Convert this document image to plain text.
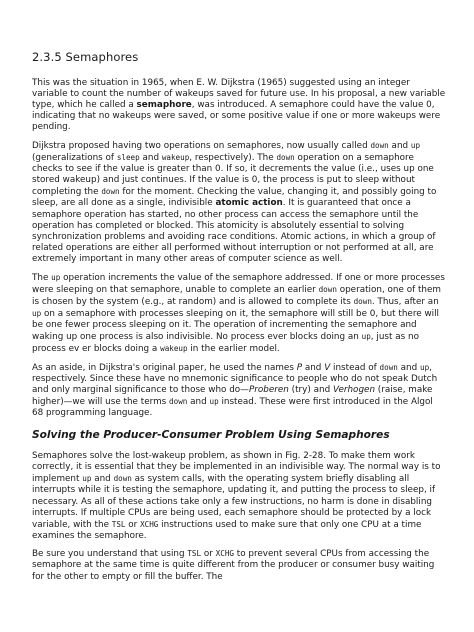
2.3.5 Semaphores

This was the situation in 1965, when E. W. Dijkstra (1965) suggested using an integer variable to count the number of wakeups saved for future use. In his proposal, a new variable type, which he called a semaphore, was introduced. A semaphore could have the value 0, indicating that no wakeups were saved, or some positive value if one or more wakeups were pending.

Dijkstra proposed having two operations on semaphores, now usually called down and up (generalizations of sleep and wakeup, respectively). The down operation on a semaphore checks to see if the value is greater than 0. If so, it decrements the value (i.e., uses up one stored wakeup) and just continues. If the value is 0, the process is put to sleep without completing the down for the moment. Checking the value, changing it, and possibly going to sleep, are all done as a single, indivisible atomic action. It is guaranteed that once a semaphore operation has started, no other process can access the semaphore until the operation has completed or blocked. This atomicity is absolutely essential to solving synchronization problems and avoiding race conditions. Atomic actions, in which a group of related operations are either all performed without interruption or not performed at all, are extremely important in many other areas of computer science as well.

The up operation increments the value of the semaphore addressed. If one or more processes were sleeping on that semaphore, unable to complete an earlier down operation, one of them is chosen by the system (e.g., at random) and is allowed to complete its down. Thus, after an up on a semaphore with processes sleeping on it, the semaphore will still be 0, but there will be one fewer process sleeping on it. The operation of incrementing the semaphore and waking up one process is also indivisible. No process ever blocks doing an up, just as no process ev er blocks doing a wakeup in the earlier model.

As an aside, in Dijkstra's original paper, he used the names P and V instead of down and up, respectively. Since these have no mnemonic significance to people who do not speak Dutch and only marginal significance to those who do—Proberen (try) and Verhogen (raise, make higher)—we will use the terms down and up instead. These were first introduced in the Algol 68 programming language.

Solving the Producer-Consumer Problem Using Semaphores

Semaphores solve the lost-wakeup problem, as shown in Fig. 2-28. To make them work correctly, it is essential that they be implemented in an indivisible way. The normal way is to implement up and down as system calls, with the operating system briefly disabling all interrupts while it is testing the semaphore, updating it, and putting the process to sleep, if necessary. As all of these actions take only a few instructions, no harm is done in disabling interrupts. If multiple CPUs are being used, each semaphore should be protected by a lock variable, with the TSL or XCHG instructions used to make sure that only one CPU at a time examines the semaphore.

Be sure you understand that using TSL or XCHG to prevent several CPUs from accessing the semaphore at the same time is quite different from the producer or consumer busy waiting for the other to empty or fill the buffer. The
